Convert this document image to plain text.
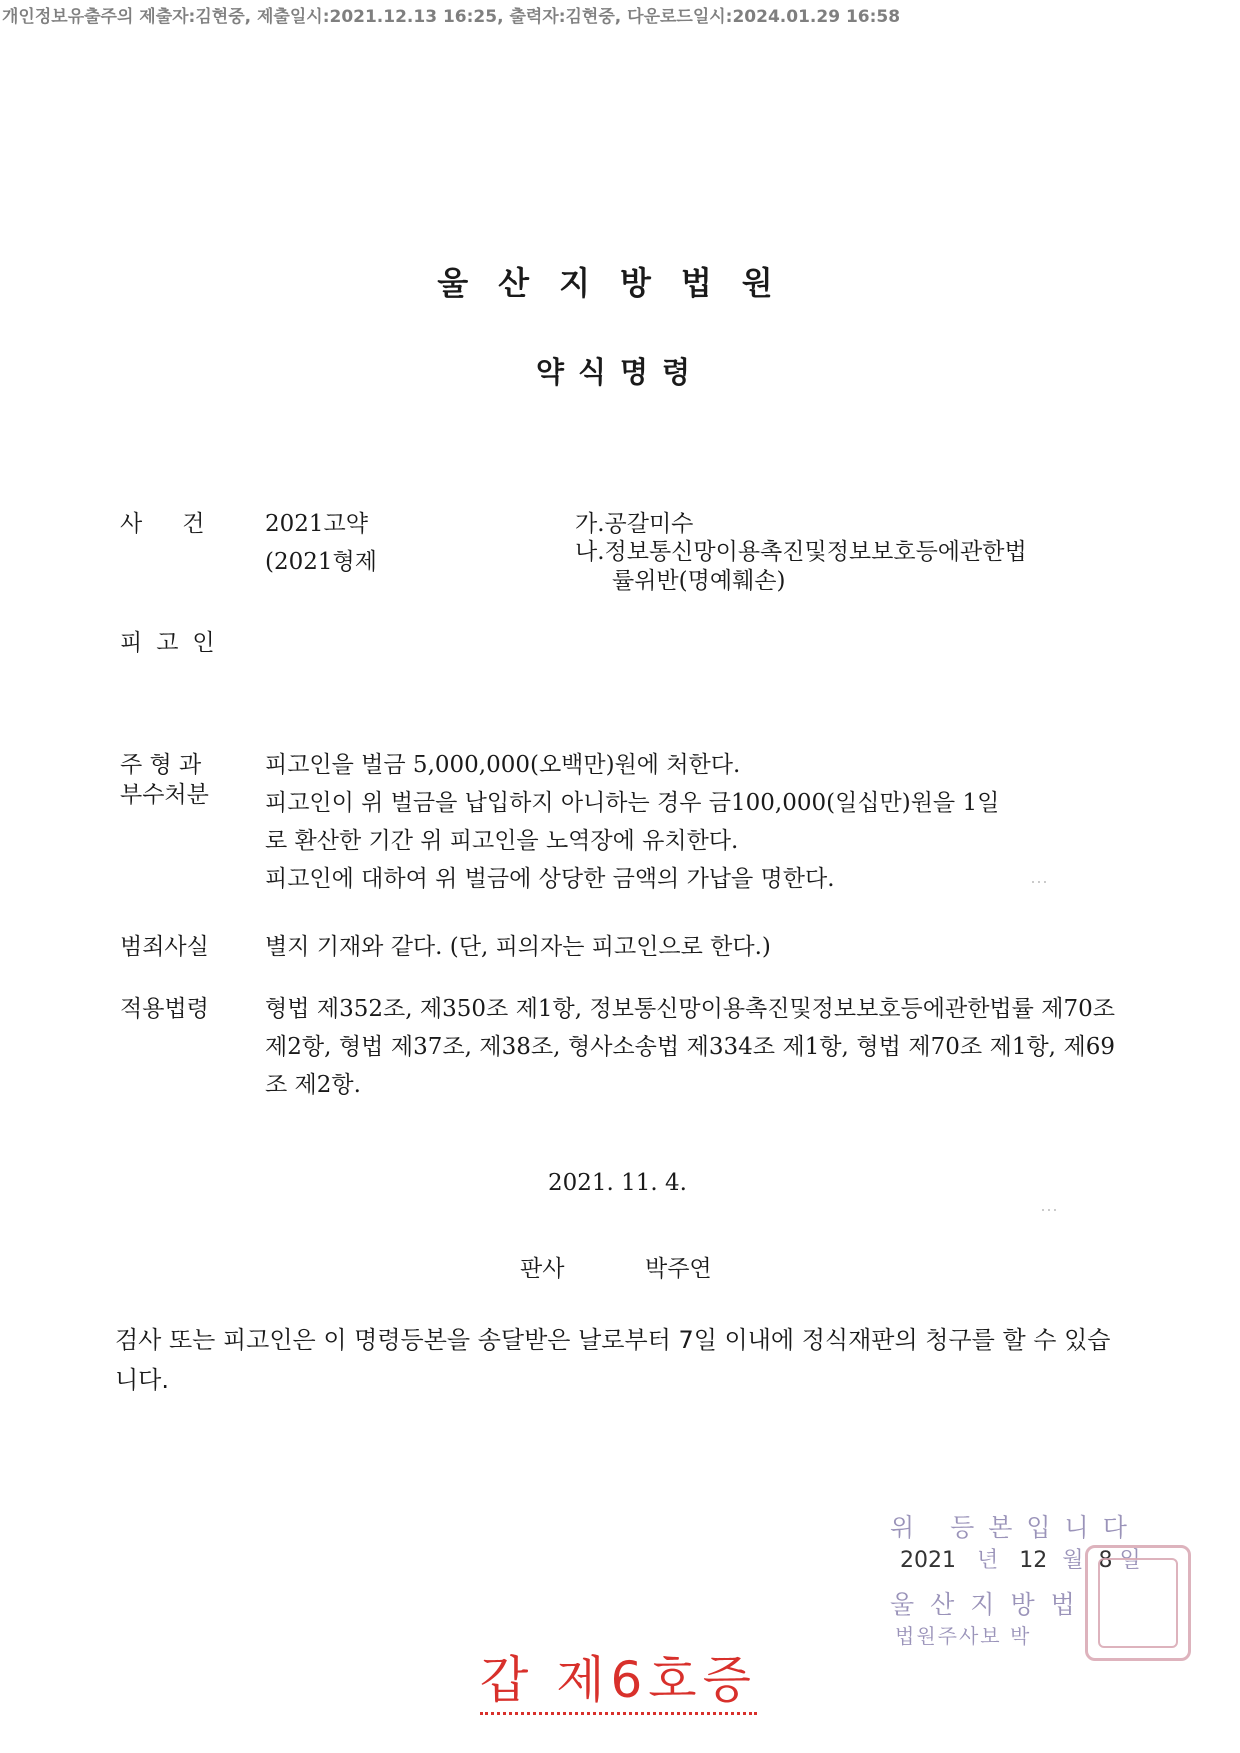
개인정보유출주의 제출자:김현중, 제출일시:2021.12.13 16:25, 출력자:김현중, 다운로드일시:2024.01.29 16:58
울산지방법원
약식명령
사건 2021고약
(2021형제
가.공갈미수
나.정보통신망이용촉진및정보보호등에관한법
률위반(명예훼손)
피고인
주 형 과
부수처분
피고인을 벌금 5,000,000(오백만)원에 처한다.
피고인이 위 벌금을 납입하지 아니하는 경우 금100,000(일십만)원을 1일
로 환산한 기간 위 피고인을 노역장에 유치한다.
피고인에 대하여 위 벌금에 상당한 금액의 가납을 명한다.
범죄사실 별지 기재와 같다. (단, 피의자는 피고인으로 한다.)
적용법령 형법 제352조, 제350조 제1항, 정보통신망이용촉진및정보보호등에관한법률 제70조 제2항, 형법 제37조, 제38조, 형사소송법 제334조 제1항, 형법 제70조 제1항, 제69조 제2항.
2021. 11. 4.
판사	박주연
검사 또는 피고인은 이 명령등본을 송달받은 날로부터 7일 이내에 정식재판의 청구를 할 수 있습니다.
⋯
⋯
위 등본입니다
2021 년 12 월 8 일
울산지방법
법원주사보 박
갑 제6호증
